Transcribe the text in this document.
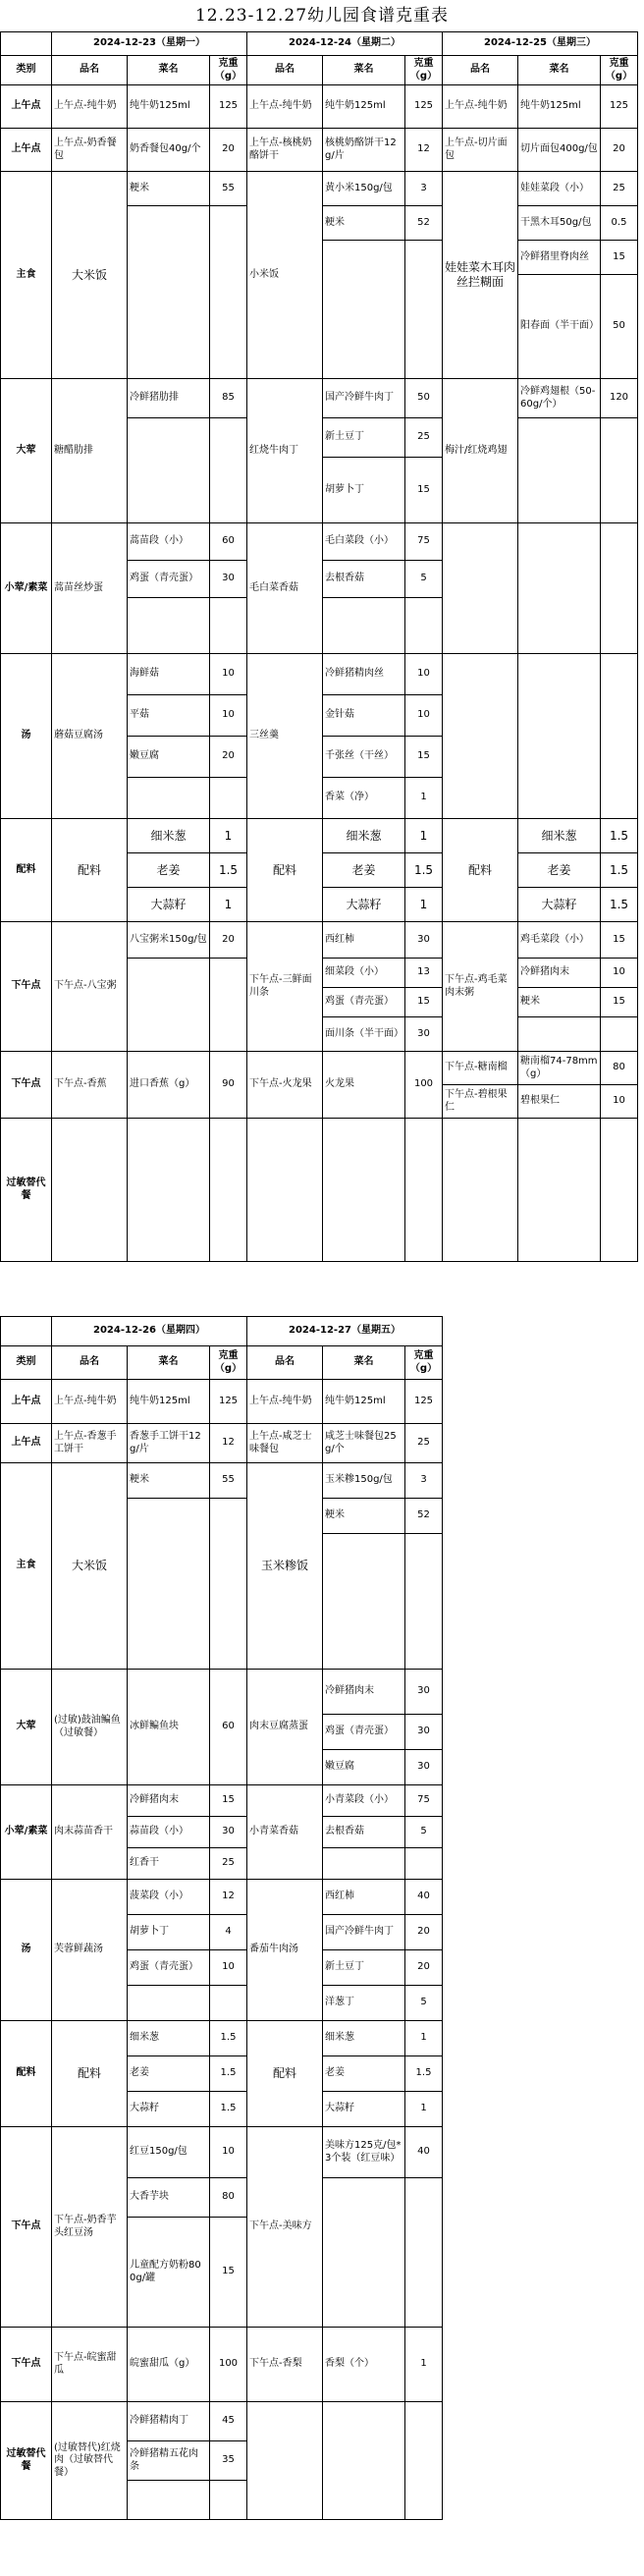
12.23-12.27幼儿园食谱克重表
	2024-12-23（星期一）			2024-12-24（星期二）			2024-12-25（星期三）		
类别	品名	菜名	克重（g）	品名	菜名	克重（g）	品名	菜名	克重（g）
上午点	上午点-纯牛奶	纯牛奶125ml	125	上午点-纯牛奶	纯牛奶125ml	125	上午点-纯牛奶	纯牛奶125ml	125
上午点	上午点-奶香餐包	奶香餐包40g/个	20	上午点-核桃奶酪饼干	核桃奶酪饼干12g/片	12	上午点-切片面包	切片面包400g/包	20
主食	大米饭	粳米	55	小米饭	黄小米150g/包	3	娃娃菜木耳肉丝拦糊面	娃娃菜段（小）	25
					粳米	52		干黑木耳50g/包	0.5
								冷鲜猪里脊肉丝	15
								阳春面（半干面）	50
大荤	糖醋肋排	冷鲜猪肋排	85	红烧牛肉丁	国产冷鲜牛肉丁	50	梅汁/红烧鸡翅	冷鲜鸡翅根（50-60g/个）	120
					新土豆丁	25			
					胡萝卜丁	15			
小荤/素菜	蒿苗丝炒蛋	蒿苗段（小）	60	毛白菜香菇	毛白菜段（小）	75			
		鸡蛋（青壳蛋）	30		去根香菇	5			

汤	蘑菇豆腐汤	海鲜菇	10	三丝羹	冷鲜猪精肉丝	10			
		平菇	10		金针菇	10			
		嫩豆腐	20		千张丝（干丝）	15			
					香菜（净）	1			
配料	配料	细米葱	1	配料	细米葱	1	配料	细米葱	1.5
		老姜	1.5		老姜	1.5		老姜	1.5
		大蒜籽	1		大蒜籽	1		大蒜籽	1.5
下午点	下午点-八宝粥	八宝粥米150g/包	20	下午点-三鲜面川条	西红柿	30	下午点-鸡毛菜肉末粥	鸡毛菜段（小）	15
					细菜段（小）	13		冷鲜猪肉末	10
					鸡蛋（青壳蛋）	15		粳米	15
					面川条（半干面）	30			
下午点	下午点-香蕉	进口香蕉（g）	90	下午点-火龙果	火龙果	100	下午点-糖南榴	糖南榴74-78mm（g）	80
							下午点-碧根果仁	碧根果仁	10
过敏替代餐									
	2024-12-26（星期四）			2024-12-27（星期五）		
类别	品名	菜名	克重（g）	品名	菜名	克重（g）
上午点	上午点-纯牛奶	纯牛奶125ml	125	上午点-纯牛奶	纯牛奶125ml	125
上午点	上午点-香葱手工饼干	香葱手工饼干12g/片	12	上午点-咸芝士味餐包	咸芝士味餐包25g/个	25
主食	大米饭	粳米	55	玉米糁饭	玉米糁150g/包	3
					粳米	52

大荤	(过敏)鼓油鳊鱼（过敏餐）	冰鲜鳊鱼块	60	肉末豆腐蒸蛋	冷鲜猪肉末	30
					鸡蛋（青壳蛋）	30
					嫩豆腐	30
小荤/素菜	肉末蒜苗香干	冷鲜猪肉末	15	小青菜香菇	小青菜段（小）	75
		蒜苗段（小）	30		去根香菇	5
		红香干	25			
汤	芙蓉鲜蔬汤	菠菜段（小）	12	番茄牛肉汤	西红柿	40
		胡萝卜丁	4		国产冷鲜牛肉丁	20
		鸡蛋（青壳蛋）	10		新土豆丁	20
					洋葱丁	5
配料	配料	细米葱	1.5	配料	细米葱	1
		老姜	1.5		老姜	1.5
		大蒜籽	1.5		大蒜籽	1
下午点	下午点-奶香芋头红豆汤	红豆150g/包	10	下午点-美味方	美味方125克/包*3个装（红豆味）	40
		大香芋块	80			
		儿童配方奶粉800g/罐	15			
下午点	下午点-皖蜜甜瓜	皖蜜甜瓜（g）	100	下午点-香梨	香梨（个）	1
过敏替代餐	(过敏替代)红烧肉（过敏替代餐）	冷鲜猪精肉丁	45			
		冷鲜猪精五花肉条	35			
